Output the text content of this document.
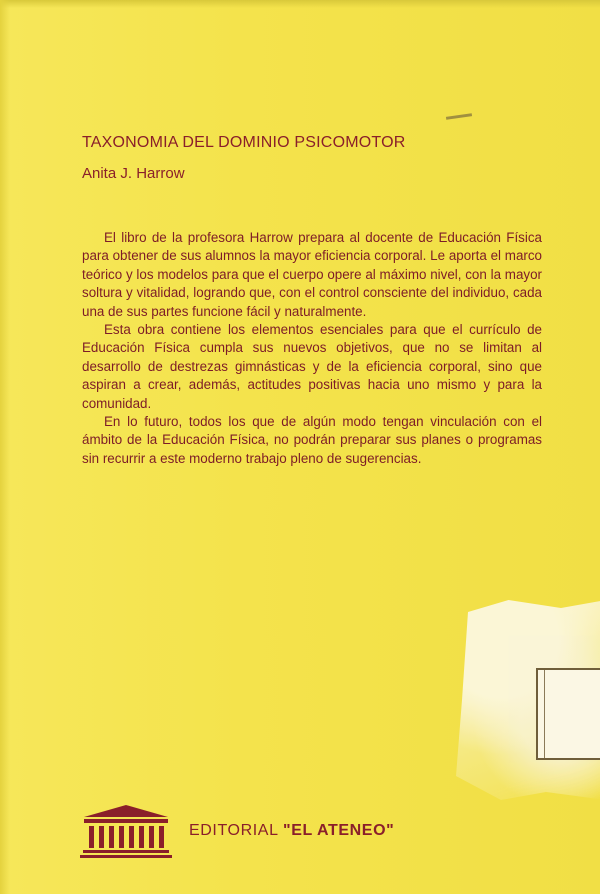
TAXONOMIA DEL DOMINIO PSICOMOTOR
Anita J. Harrow

El libro de la profesora Harrow prepara al docente de Educación Física para obtener de sus alumnos la mayor eficiencia corporal. Le aporta el marco teórico y los modelos para que el cuerpo opere al máximo nivel, con la mayor soltura y vitalidad, logrando que, con el control consciente del individuo, cada una de sus partes funcione fácil y naturalmente.

Esta obra contiene los elementos esenciales para que el currículo de Educación Física cumpla sus nuevos objetivos, que no se limitan al desarrollo de destrezas gimnásticas y de la eficiencia corporal, sino que aspiran a crear, además, actitudes positivas hacia uno mismo y para la comunidad.

En lo futuro, todos los que de algún modo tengan vinculación con el ámbito de la Educación Física, no podrán preparar sus planes o programas sin recurrir a este moderno trabajo pleno de sugerencias.

EDITORIAL "EL ATENEO"
